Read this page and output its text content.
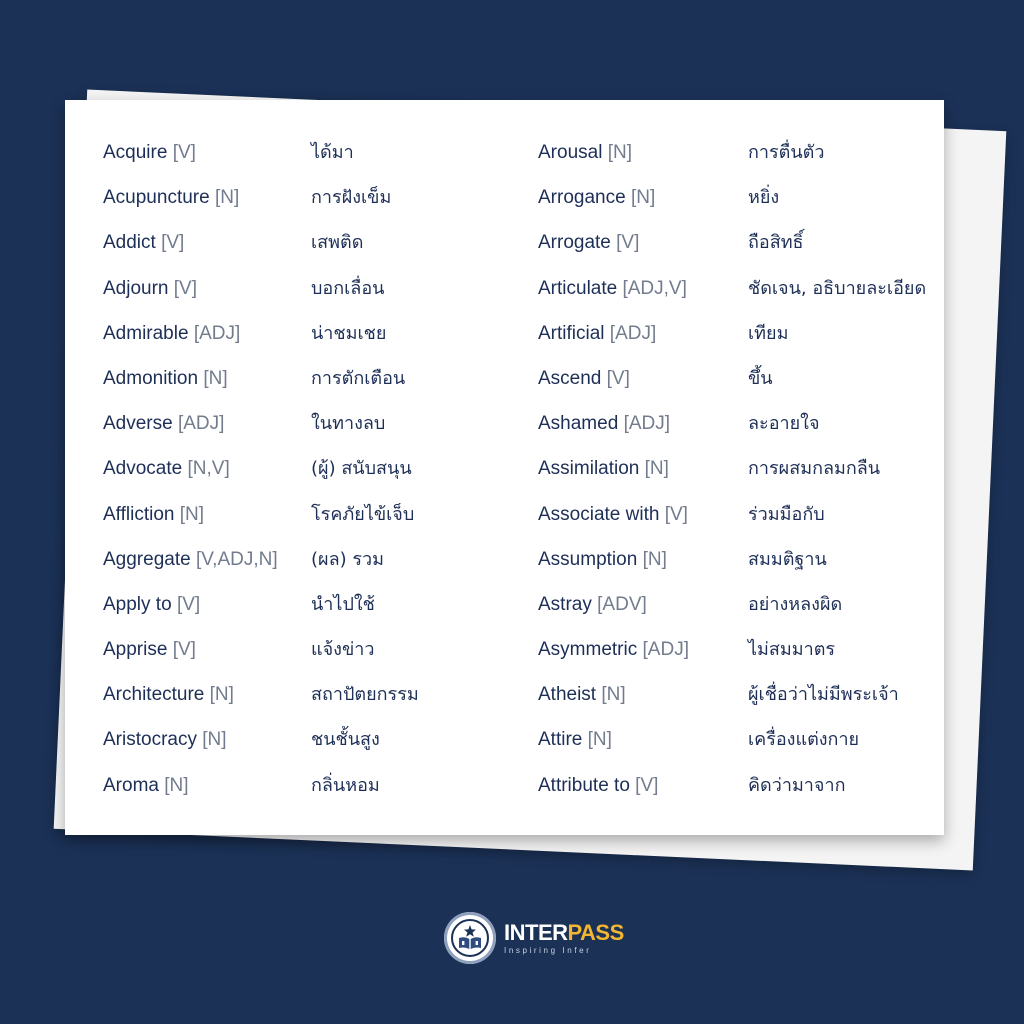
Acquire [V]
Acupuncture [N]
Addict [V]
Adjourn [V]
Admirable [ADJ]
Admonition [N]
Adverse [ADJ]
Advocate [N,V]
Affliction [N]
Aggregate [V,ADJ,N]
Apply to [V]
Apprise [V]
Architecture [N]
Aristocracy [N]
Aroma [N]
ได้มา
การฝังเข็ม
เสพติด
บอกเลื่อน
น่าชมเชย
การตักเตือน
ในทางลบ
(ผู้) สนับสนุน
โรคภัยไข้เจ็บ
(ผล) รวม
นำไปใช้
แจ้งข่าว
สถาปัตยกรรม
ชนชั้นสูง
กลิ่นหอม
Arousal [N]
Arrogance [N]
Arrogate [V]
Articulate [ADJ,V]
Artificial [ADJ]
Ascend [V]
Ashamed [ADJ]
Assimilation [N]
Associate with [V]
Assumption [N]
Astray [ADV]
Asymmetric [ADJ]
Atheist [N]
Attire [N]
Attribute to [V]
การตื่นตัว
หยิ่ง
ถือสิทธิ์
ชัดเจน, อธิบายละเอียด
เทียม
ขึ้น
ละอายใจ
การผสมกลมกลืน
ร่วมมือกับ
สมมติฐาน
อย่างหลงผิด
ไม่สมมาตร
ผู้เชื่อว่าไม่มีพระเจ้า
เครื่องแต่งกาย
คิดว่ามาจาก
INTERPASS
Inspiring Infer
